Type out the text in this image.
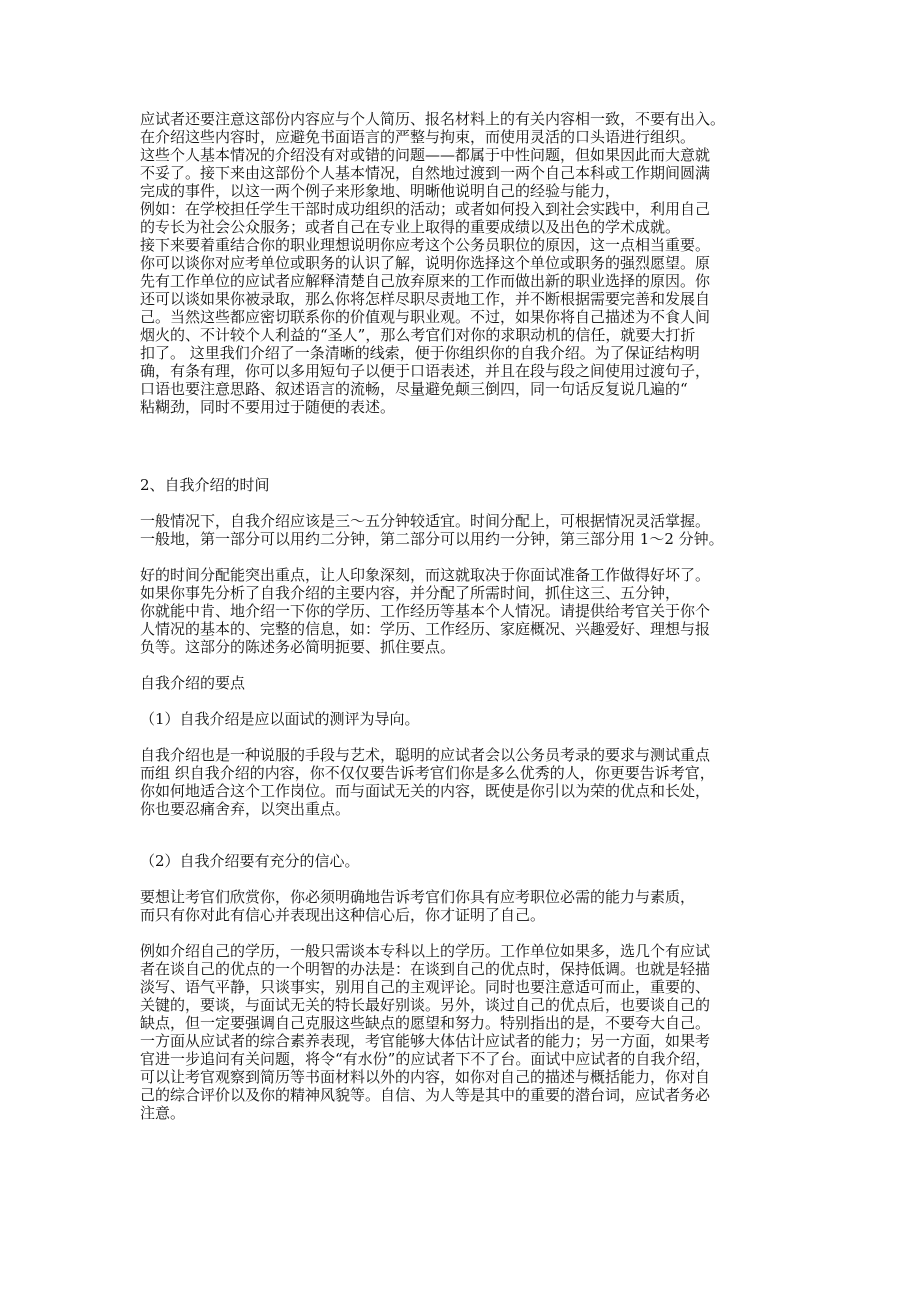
应试者还要注意这部份内容应与个人简历、报名材料上的有关内容相一致，不要有出入。
在介绍这些内容时，应避免书面语言的严整与拘束，而使用灵活的口头语进行组织。
这些个人基本情况的介绍没有对或错的问题——都属于中性问题，但如果因此而大意就
不妥了。接下来由这部份个人基本情况，自然地过渡到一两个自己本科或工作期间圆满
完成的事件，以这一两个例子来形象地、明晰他说明自己的经验与能力，
例如：在学校担任学生干部时成功组织的活动；或者如何投入到社会实践中，利用自己
的专长为社会公众服务；或者自己在专业上取得的重要成绩以及出色的学术成就。
接下来要着重结合你的职业理想说明你应考这个公务员职位的原因，这一点相当重要。
你可以谈你对应考单位或职务的认识了解，说明你选择这个单位或职务的强烈愿望。原
先有工作单位的应试者应解释清楚自己放弃原来的工作而做出新的职业选择的原因。你
还可以谈如果你被录取，那么你将怎样尽职尽责地工作，并不断根据需要完善和发展自
己。当然这些都应密切联系你的价值观与职业观。不过，如果你将自己描述为不食人间
烟火的、不计较个人利益的“圣人”，那么考官们对你的求职动机的信任，就要大打折
扣了。 这里我们介绍了一条清晰的线索，便于你组织你的自我介绍。为了保证结构明
确，有条有理，你可以多用短句子以便于口语表述，并且在段与段之间使用过渡句子，
口语也要注意思路、叙述语言的流畅，尽量避免颠三倒四，同一句话反复说几遍的“
粘糊劲，同时不要用过于随便的表述。

2、自我介绍的时间

一般情况下，自我介绍应该是三～五分钟较适宜。时间分配上，可根据情况灵活掌握。
一般地，第一部分可以用约二分钟，第二部分可以用约一分钟，第三部分用 1～2 分钟。

好的时间分配能突出重点，让人印象深刻，而这就取决于你面试准备工作做得好坏了。
如果你事先分析了自我介绍的主要内容，并分配了所需时间，抓住这三、五分钟，
你就能中肯、地介绍一下你的学历、工作经历等基本个人情况。请提供给考官关于你个
人情况的基本的、完整的信息，如：学历、工作经历、家庭概况、兴趣爱好、理想与报
负等。这部分的陈述务必简明扼要、抓住要点。

自我介绍的要点

（1）自我介绍是应以面试的测评为导向。

自我介绍也是一种说服的手段与艺术，聪明的应试者会以公务员考录的要求与测试重点
而组 织自我介绍的内容，你不仅仅要告诉考官们你是多么优秀的人，你更要告诉考官，
你如何地适合这个工作岗位。而与面试无关的内容，既使是你引以为荣的优点和长处，
你也要忍痛舍弃，以突出重点。

（2）自我介绍要有充分的信心。

要想让考官们欣赏你，你必须明确地告诉考官们你具有应考职位必需的能力与素质，
而只有你对此有信心并表现出这种信心后，你才证明了自己。

例如介绍自己的学历，一般只需谈本专科以上的学历。工作单位如果多，选几个有应试
者在谈自己的优点的一个明智的办法是：在谈到自己的优点时，保持低调。也就是轻描
淡写、语气平静，只谈事实，别用自己的主观评论。同时也要注意适可而止，重要的、
关键的，要谈，与面试无关的特长最好别谈。另外，谈过自己的优点后，也要谈自己的
缺点，但一定要强调自己克服这些缺点的愿望和努力。特别指出的是，不要夸大自己。
一方面从应试者的综合素养表现，考官能够大体估计应试者的能力；另一方面，如果考
官进一步追问有关问题，将令“有水份”的应试者下不了台。面试中应试者的自我介绍，
可以让考官观察到简历等书面材料以外的内容，如你对自己的描述与概括能力，你对自
己的综合评价以及你的精神风貌等。自信、为人等是其中的重要的潜台词，应试者务必
注意。
